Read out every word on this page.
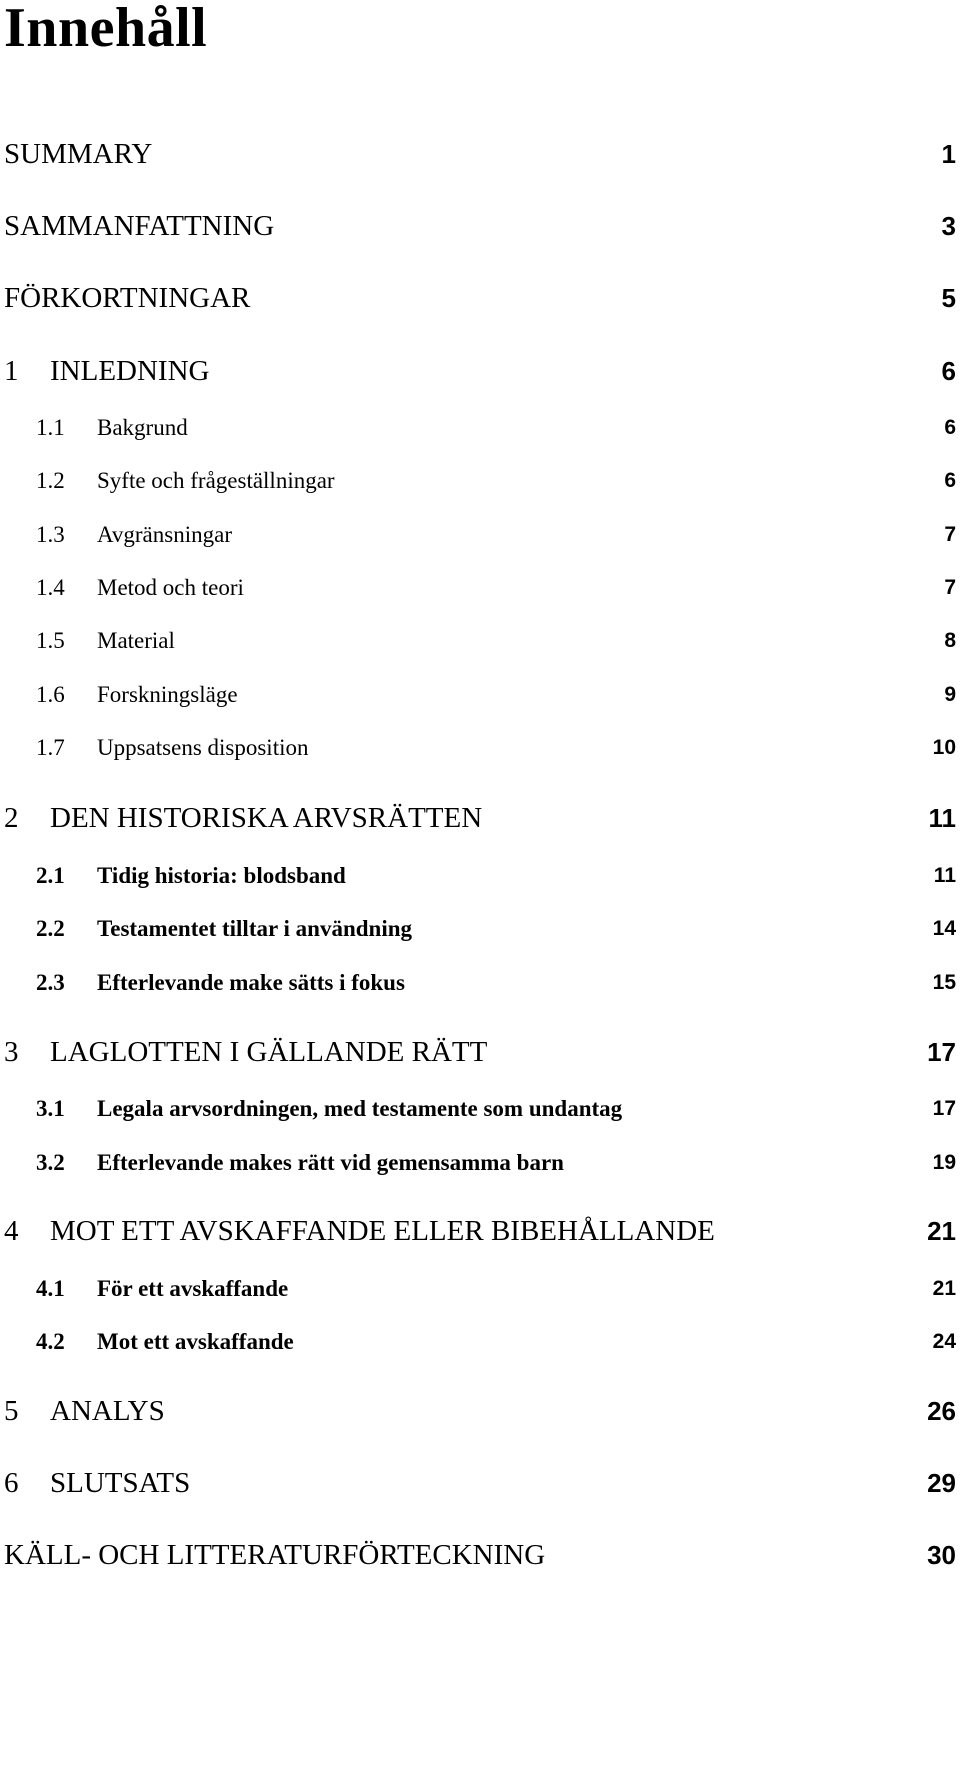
Innehåll
SUMMARY	1
SAMMANFATTNING	3
FÖRKORTNINGAR	5
1 INLEDNING	6
1.1 Bakgrund	6
1.2 Syfte och frågeställningar	6
1.3 Avgränsningar	7
1.4 Metod och teori	7
1.5 Material	8
1.6 Forskningsläge	9
1.7 Uppsatsens disposition	10
2 DEN HISTORISKA ARVSRÄTTEN	11
2.1 Tidig historia: blodsband	11
2.2 Testamentet tilltar i användning	14
2.3 Efterlevande make sätts i fokus	15
3 LAGLOTTEN I GÄLLANDE RÄTT	17
3.1 Legala arvsordningen, med testamente som undantag	17
3.2 Efterlevande makes rätt vid gemensamma barn	19
4 MOT ETT AVSKAFFANDE ELLER BIBEHÅLLANDE	21
4.1 För ett avskaffande	21
4.2 Mot ett avskaffande	24
5 ANALYS	26
6 SLUTSATS	29
KÄLL- OCH LITTERATURFÖRTECKNING	30
